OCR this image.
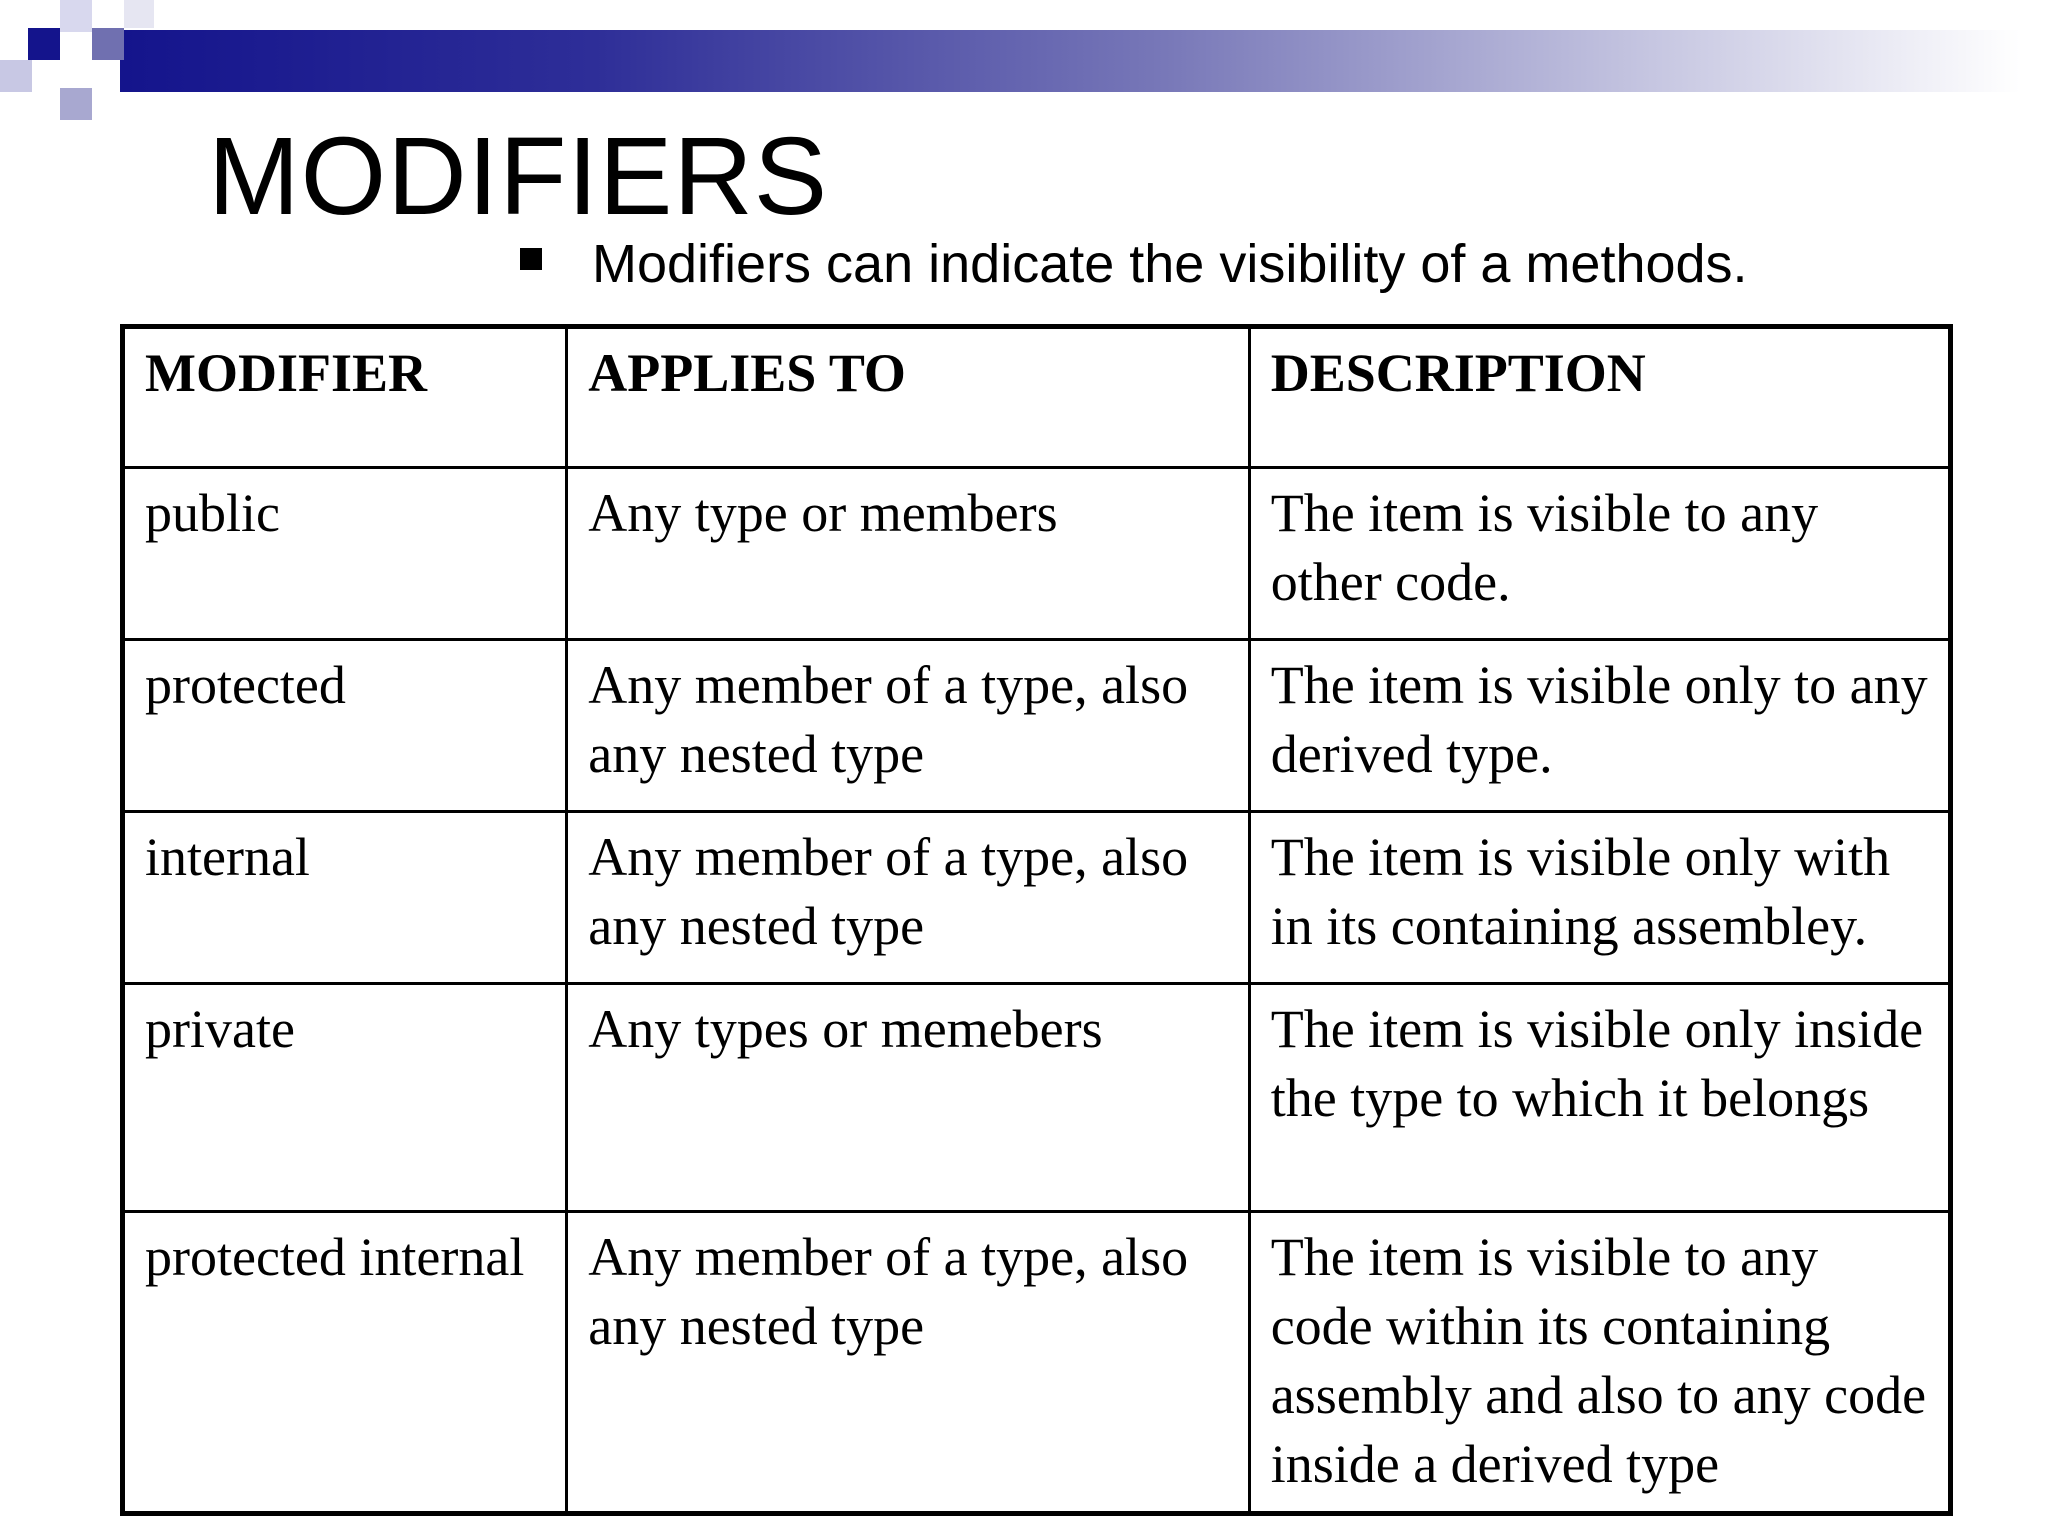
MODIFIERS
Modifiers can indicate the visibility of a methods.
MODIFIER	APPLIES TO	DESCRIPTION
public	Any type or members	The item is visible to any other code.
protected	Any member of a type, also any nested type	The item is visible only to any derived type.
internal	Any member of a type, also any nested type	The item is visible only with in its containing assembley.
private	Any types or memebers	The item is visible only inside the type to which it belongs
protected internal	Any member of a type, also any nested type	The item is visible to any code within its containing assembly and also to any code inside a derived type
